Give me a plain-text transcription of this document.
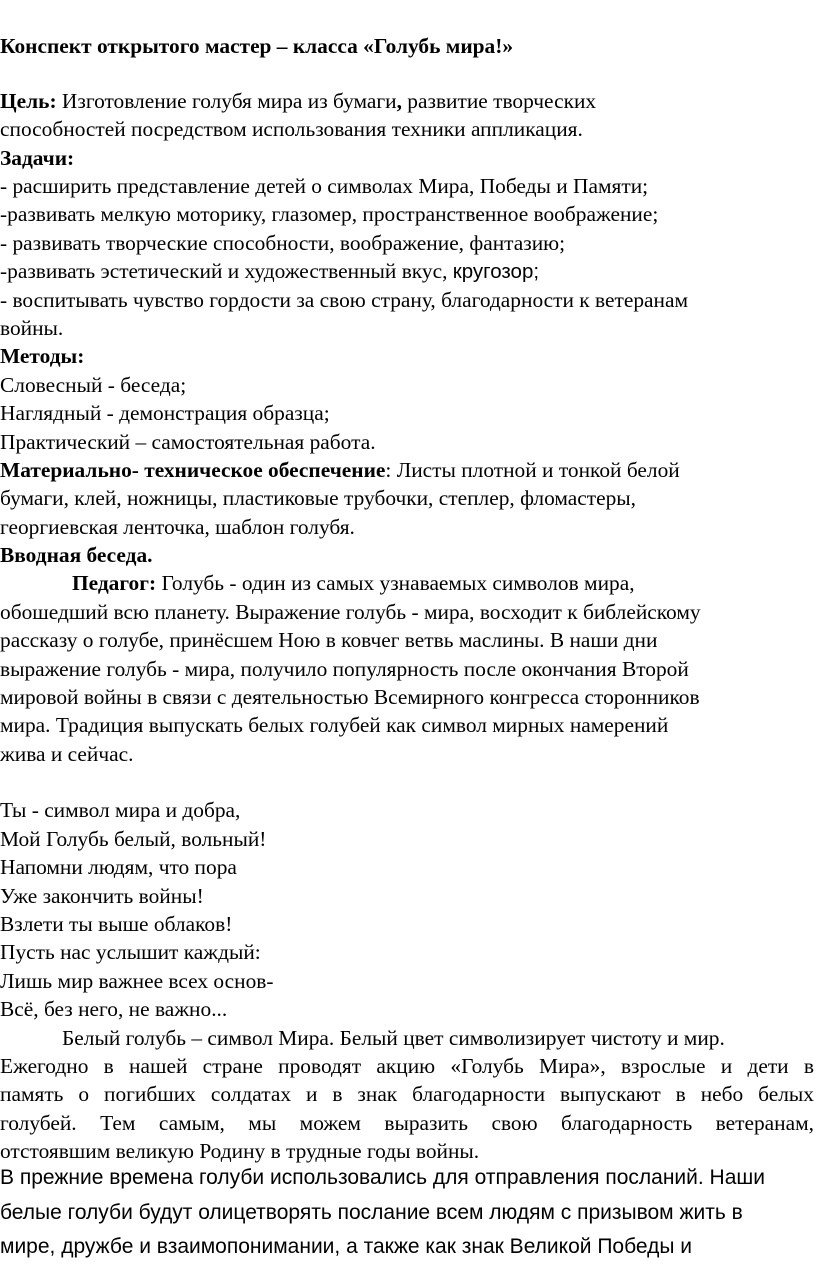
Конспект открытого мастер – класса «Голубь мира!»
Цель: Изготовление голубя мира из бумаги, развитие творческих
способностей посредством использования техники аппликация.
Задачи:
- расширить представление детей о символах Мира, Победы и Памяти;
-развивать мелкую моторику, глазомер, пространственное воображение;
- развивать творческие способности, воображение, фантазию;
-развивать эстетический и художественный вкус, кругозор;
- воспитывать чувство гордости за свою страну, благодарности к ветеранам
войны.
Методы:
Словесный - беседа;
Наглядный - демонстрация образца;
Практический – самостоятельная работа.
Материально- техническое обеспечение: Листы плотной и тонкой белой
бумаги, клей, ножницы, пластиковые трубочки, степлер, фломастеры,
георгиевская ленточка, шаблон голубя.
Вводная беседа.
Педагог: Голубь - один из самых узнаваемых символов мира,
обошедший всю планету. Выражение голубь - мира, восходит к библейскому
рассказу о голубе, принёсшем Ною в ковчег ветвь маслины. В наши дни
выражение голубь - мира, получило популярность после окончания Второй
мировой войны в связи с деятельностью Всемирного конгресса сторонников
мира. Традиция выпускать белых голубей как символ мирных намерений
жива и сейчас.
Ты - символ мира и добра,
Мой Голубь белый, вольный!
Напомни людям, что пора
Уже закончить войны!
Взлети ты выше облаков!
Пусть нас услышит каждый:
Лишь мир важнее всех основ-
Всё, без него, не важно...
Белый голубь – символ Мира. Белый цвет символизирует чистоту и мир.
Ежегодно в нашей стране проводят акцию «Голубь Мира», взрослые и дети в
память о погибших солдатах и в знак благодарности выпускают в небо белых
голубей. Тем самым, мы можем выразить свою благодарность ветеранам,
отстоявшим великую Родину в трудные годы войны.
В прежние времена голуби использовались для отправления посланий. Наши
белые голуби будут олицетворять послание всем людям с призывом жить в
мире, дружбе и взаимопонимании, а также как знак Великой Победы и
